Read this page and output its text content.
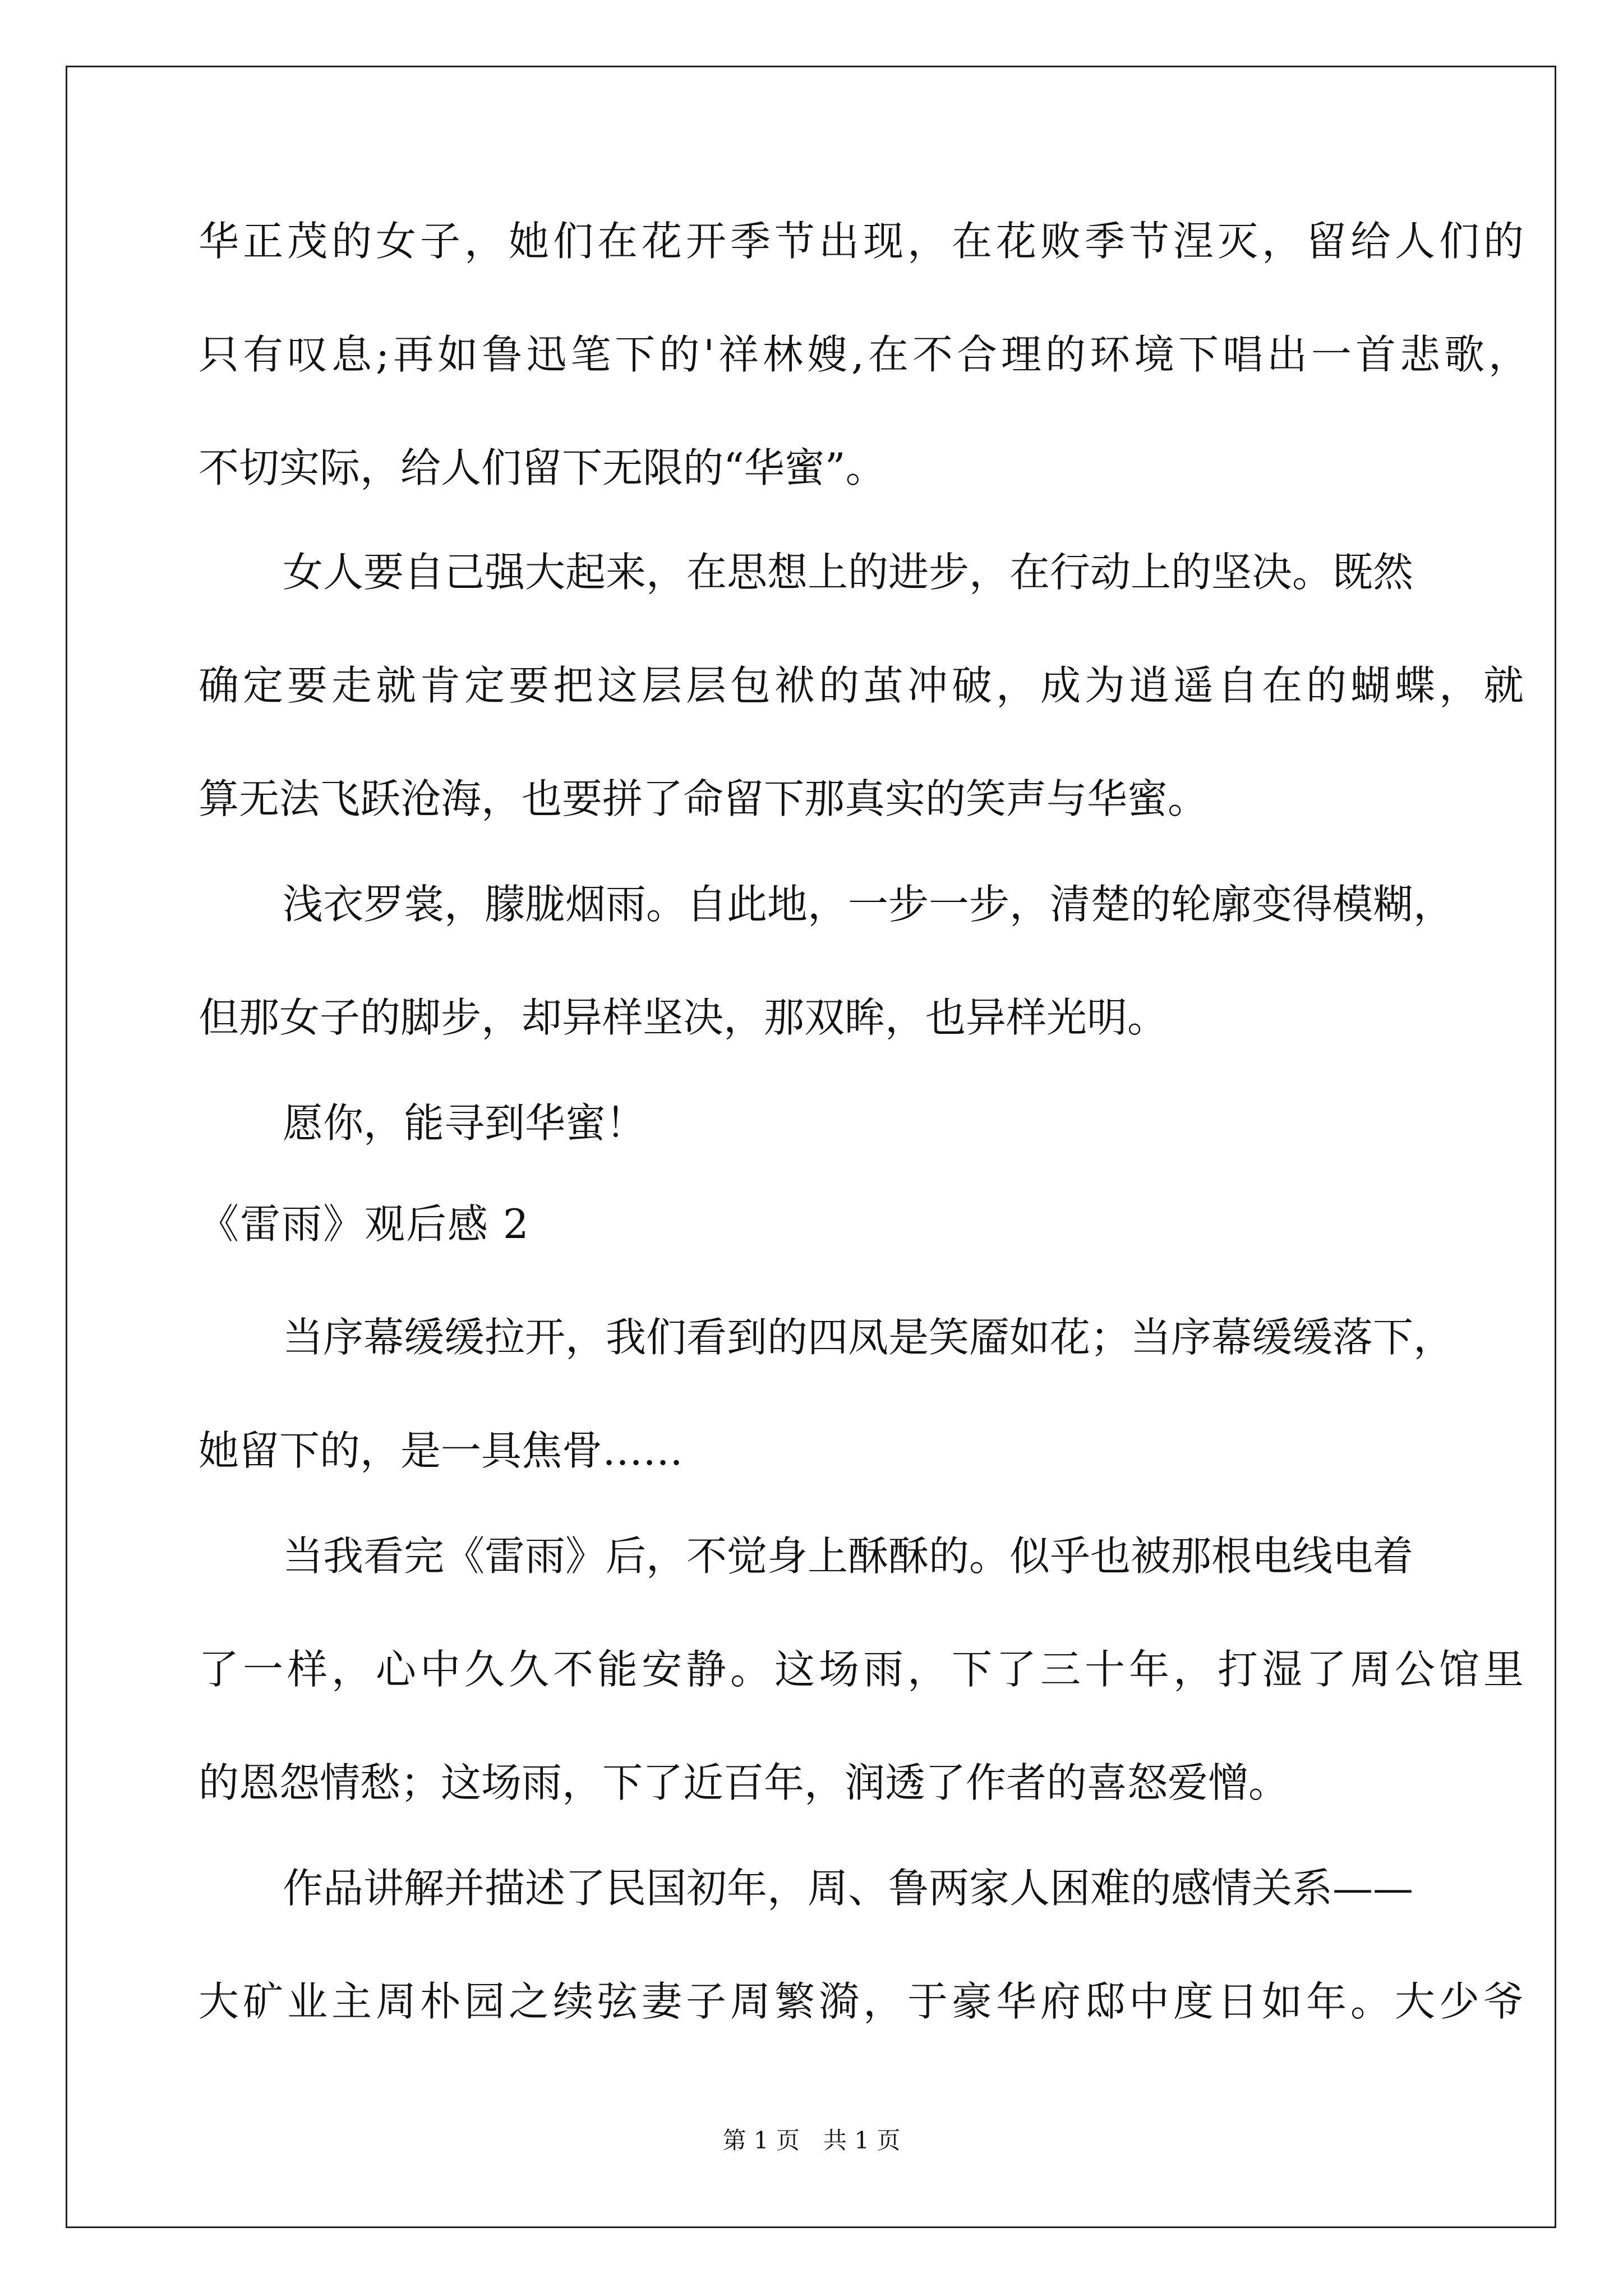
华正茂的女子，她们在花开季节出现，在花败季节涅灭，留给人们的
只有叹息;再如鲁迅笔下的'祥林嫂,在不合理的环境下唱出一首悲歌，
不切实际，给人们留下无限的“华蜜”。
女人要自己强大起来，在思想上的进步，在行动上的坚决。既然
确定要走就肯定要把这层层包袱的茧冲破，成为逍遥自在的蝴蝶，就
算无法飞跃沧海，也要拼了命留下那真实的笑声与华蜜。
浅衣罗裳，朦胧烟雨。自此地，一步一步，清楚的轮廓变得模糊，
但那女子的脚步，却异样坚决，那双眸，也异样光明。
愿你，能寻到华蜜！
《雷雨》观后感 2
当序幕缓缓拉开，我们看到的四凤是笑靥如花；当序幕缓缓落下，
她留下的，是一具焦骨……
当我看完《雷雨》后，不觉身上酥酥的。似乎也被那根电线电着
了一样，心中久久不能安静。这场雨，下了三十年，打湿了周公馆里
的恩怨情愁；这场雨，下了近百年，润透了作者的喜怒爱憎。
作品讲解并描述了民国初年，周、鲁两家人困难的感情关系——
大矿业主周朴园之续弦妻子周繁漪，于豪华府邸中度日如年。大少爷
第 1 页 共 1 页
